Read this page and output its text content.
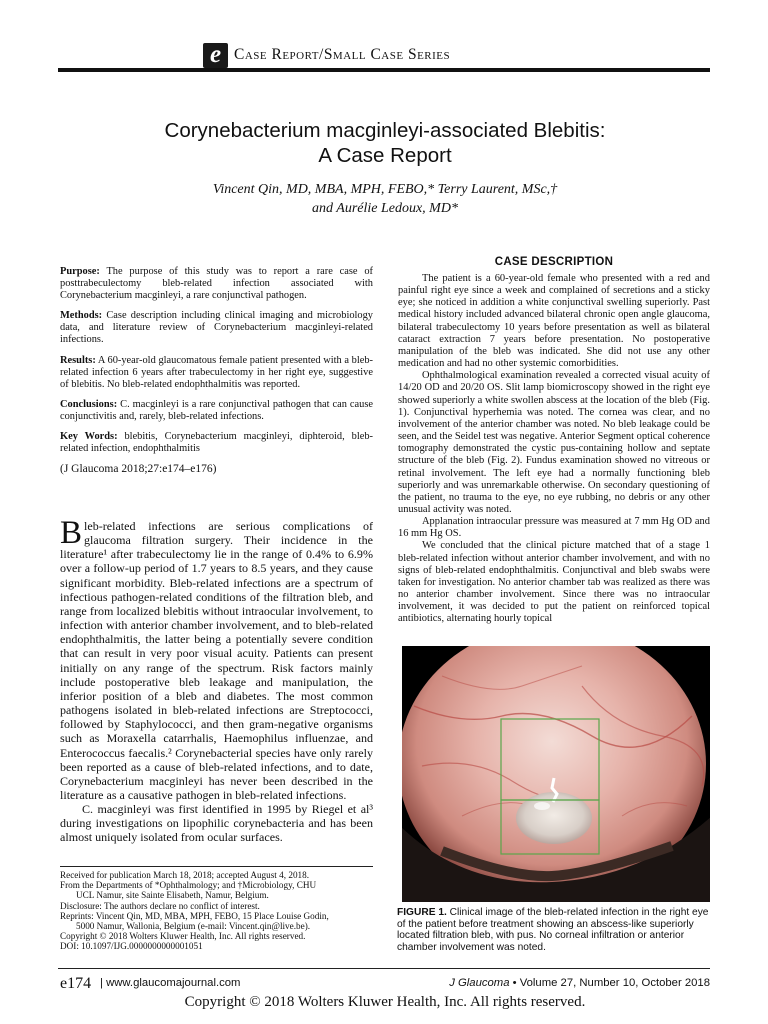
e Case Report/Small Case Series
Corynebacterium macginleyi-associated Blebitis:
A Case Report
Vincent Qin, MD, MBA, MPH, FEBO,* Terry Laurent, MSc,†
and Aurélie Ledoux, MD*

Purpose: The purpose of this study was to report a rare case of posttrabeculectomy bleb-related infection associated with Corynebacterium macginleyi, a rare conjunctival pathogen.

Methods: Case description including clinical imaging and microbiology data, and literature review of Corynebacterium macginleyi-related infections.

Results: A 60-year-old glaucomatous female patient presented with a bleb-related infection 6 years after trabeculectomy in her right eye, suggestive of blebitis. No bleb-related endophthalmitis was reported.

Conclusions: C. macginleyi is a rare conjunctival pathogen that can cause conjunctivitis and, rarely, bleb-related infections.

Key Words: blebitis, Corynebacterium macginleyi, diphteroid, bleb-related infection, endophthalmitis

(J Glaucoma 2018;27:e174–e176)

Bleb-related infections are serious complications of glaucoma filtration surgery. Their incidence in the literature¹ after trabeculectomy lie in the range of 0.4% to 6.9% over a follow-up period of 1.7 years to 8.5 years, and they cause significant morbidity. Bleb-related infections are a spectrum of infectious pathogen-related conditions of the filtration bleb, and range from localized blebitis without intraocular involvement, to infection with anterior chamber involvement, and to bleb-related endophthalmitis, the latter being a potentially severe condition that can result in very poor visual acuity. Patients can present initially on any range of the spectrum. Risk factors mainly include postoperative bleb leakage and manipulation, the inferior position of a bleb and diabetes. The most common pathogens isolated in bleb-related infections are Streptococci, followed by Staphylococci, and then gram-negative organisms such as Moraxella catarrhalis, Haemophilus influenzae, and Enterococcus faecalis.² Corynebacterial species have only rarely been reported as a cause of bleb-related infections, and to date, Corynebacterium macginleyi has never been described in the literature as a causative pathogen in bleb-related infections.

C. macginleyi was first identified in 1995 by Riegel et al³ during investigations on lipophilic corynebacteria and has been almost uniquely isolated from ocular surfaces.

Received for publication March 18, 2018; accepted August 4, 2018.
From the Departments of *Ophthalmology; and †Microbiology, CHU
UCL Namur, site Sainte Elisabeth, Namur, Belgium.
Disclosure: The authors declare no conflict of interest.
Reprints: Vincent Qin, MD, MBA, MPH, FEBO, 15 Place Louise Godin,
5000 Namur, Wallonia, Belgium (e-mail: Vincent.qin@live.be).
Copyright © 2018 Wolters Kluwer Health, Inc. All rights reserved.
DOI: 10.1097/IJG.0000000000001051
CASE DESCRIPTION

The patient is a 60-year-old female who presented with a red and painful right eye since a week and complained of secretions and a sticky eye; she noticed in addition a white conjunctival swelling superiorly. Past medical history included advanced bilateral chronic open angle glaucoma, bilateral trabeculectomy 10 years before presentation as well as bilateral cataract extraction 7 years before presentation. No postoperative manipulation of the bleb was indicated. She did not use any other medication and had no other systemic comorbidities.

Ophthalmological examination revealed a corrected visual acuity of 14/20 OD and 20/20 OS. Slit lamp biomicroscopy showed in the right eye showed superiorly a white swollen abscess at the location of the bleb (Fig. 1). Conjunctival hyperhemia was noted. The cornea was clear, and no involvement of the anterior chamber was noted. No bleb leakage could be seen, and the Seidel test was negative. Anterior Segment optical coherence tomography demonstrated the cystic pus-containing hollow and septate structure of the bleb (Fig. 2). Fundus examination showed no vitreous or retinal involvement. The left eye had a normally functioning bleb superiorly and was unremarkable otherwise. On secondary questioning of the patient, no trauma to the eye, no eye rubbing, no debris or any other unusual activity was noted.

Applanation intraocular pressure was measured at 7 mm Hg OD and 16 mm Hg OS.

We concluded that the clinical picture matched that of a stage 1 bleb-related infection without anterior chamber involvement, and with no signs of bleb-related endophthalmitis. Conjunctival and bleb swabs were taken for investigation. No anterior chamber tab was realized as there was no anterior chamber involvement. Since there was no intraocular involvement, it was decided to put the patient on reinforced topical antibiotics, alternating hourly topical

FIGURE 1. Clinical image of the bleb-related infection in the right eye of the patient before treatment showing an abscess-like superiorly located filtration bleb, with pus. No corneal infiltration or anterior chamber involvement was noted.
e174 | www.glaucomajournal.com	J Glaucoma • Volume 27, Number 10, October 2018
Copyright © 2018 Wolters Kluwer Health, Inc. All rights reserved.
